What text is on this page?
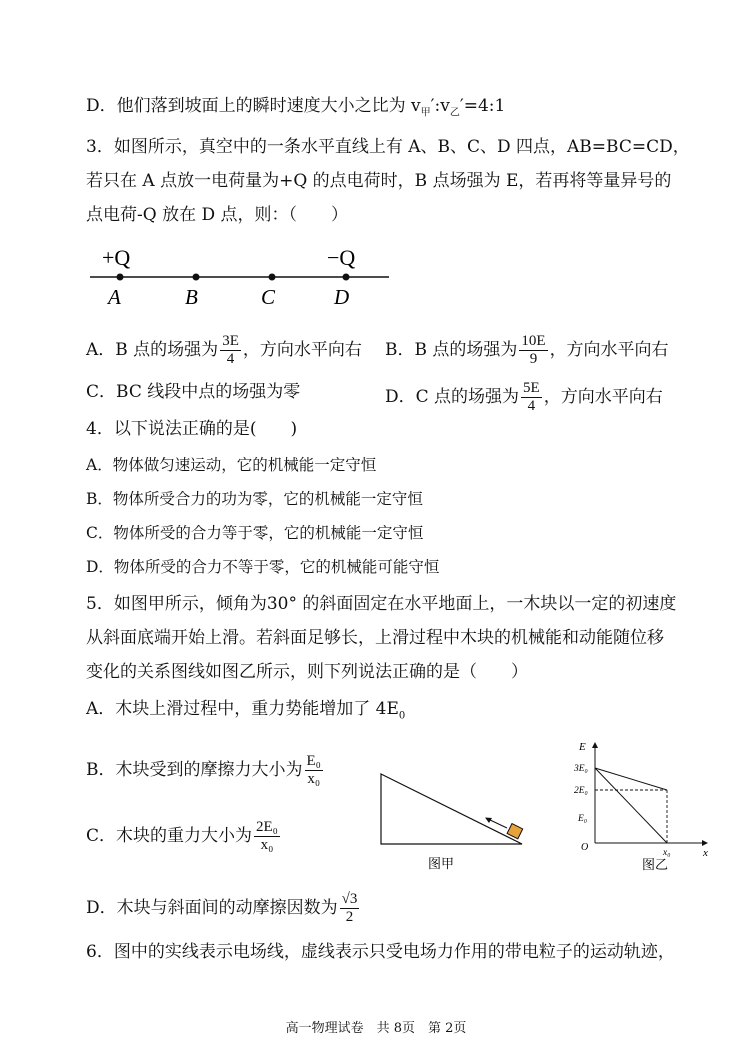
D．他们落到坡面上的瞬时速度大小之比为 $v_甲':v_乙'=4:1$
3．如图所示，真空中的一条水平直线上有 A、B、C、D 四点，AB=BC=CD，
若只在 A 点放一电荷量为+Q 的点电荷时，B 点场强为 E，若再将等量异号的
点电荷-Q 放在 D 点，则：（　　）
+Q	−Q
A	B	C	D
A．B 点的场强为 $\frac{3E}{4}$ ，方向水平向右 B．B 点的场强为 $\frac{10E}{9}$ ，方向水平向右
C．BC 线段中点的场强为零	D．C 点的场强为 $\frac{5E}{4}$ ，方向水平向右
4．以下说法正确的是(　　)
A．物体做匀速运动，它的机械能一定守恒
B．物体所受合力的功为零，它的机械能一定守恒
C．物体所受的合力等于零，它的机械能一定守恒
D．物体所受的合力不等于零，它的机械能可能守恒
5．如图甲所示，倾角为30° 的斜面固定在水平地面上，一木块以一定的初速度
从斜面底端开始上滑。若斜面足够长，上滑过程中木块的机械能和动能随位移
变化的关系图线如图乙所示，则下列说法正确的是（　　）
A．木块上滑过程中，重力势能增加了 $4E_0$
B．木块受到的摩擦力大小为 $\frac{\text{E₀}}{\text{x₀}}$
C．木块的重力大小为 $\frac{\text{2E₀}}{\text{x₀}}$
D．木块与斜面间的动摩擦因数为 $\frac{√3}{2}$
图甲
E
x
O
3E₀
2E₀
E₀
x₀
图乙
6．图中的实线表示电场线，虚线表示只受电场力作用的带电粒子的运动轨迹，
高一物理试卷　共 8页　第 2页
